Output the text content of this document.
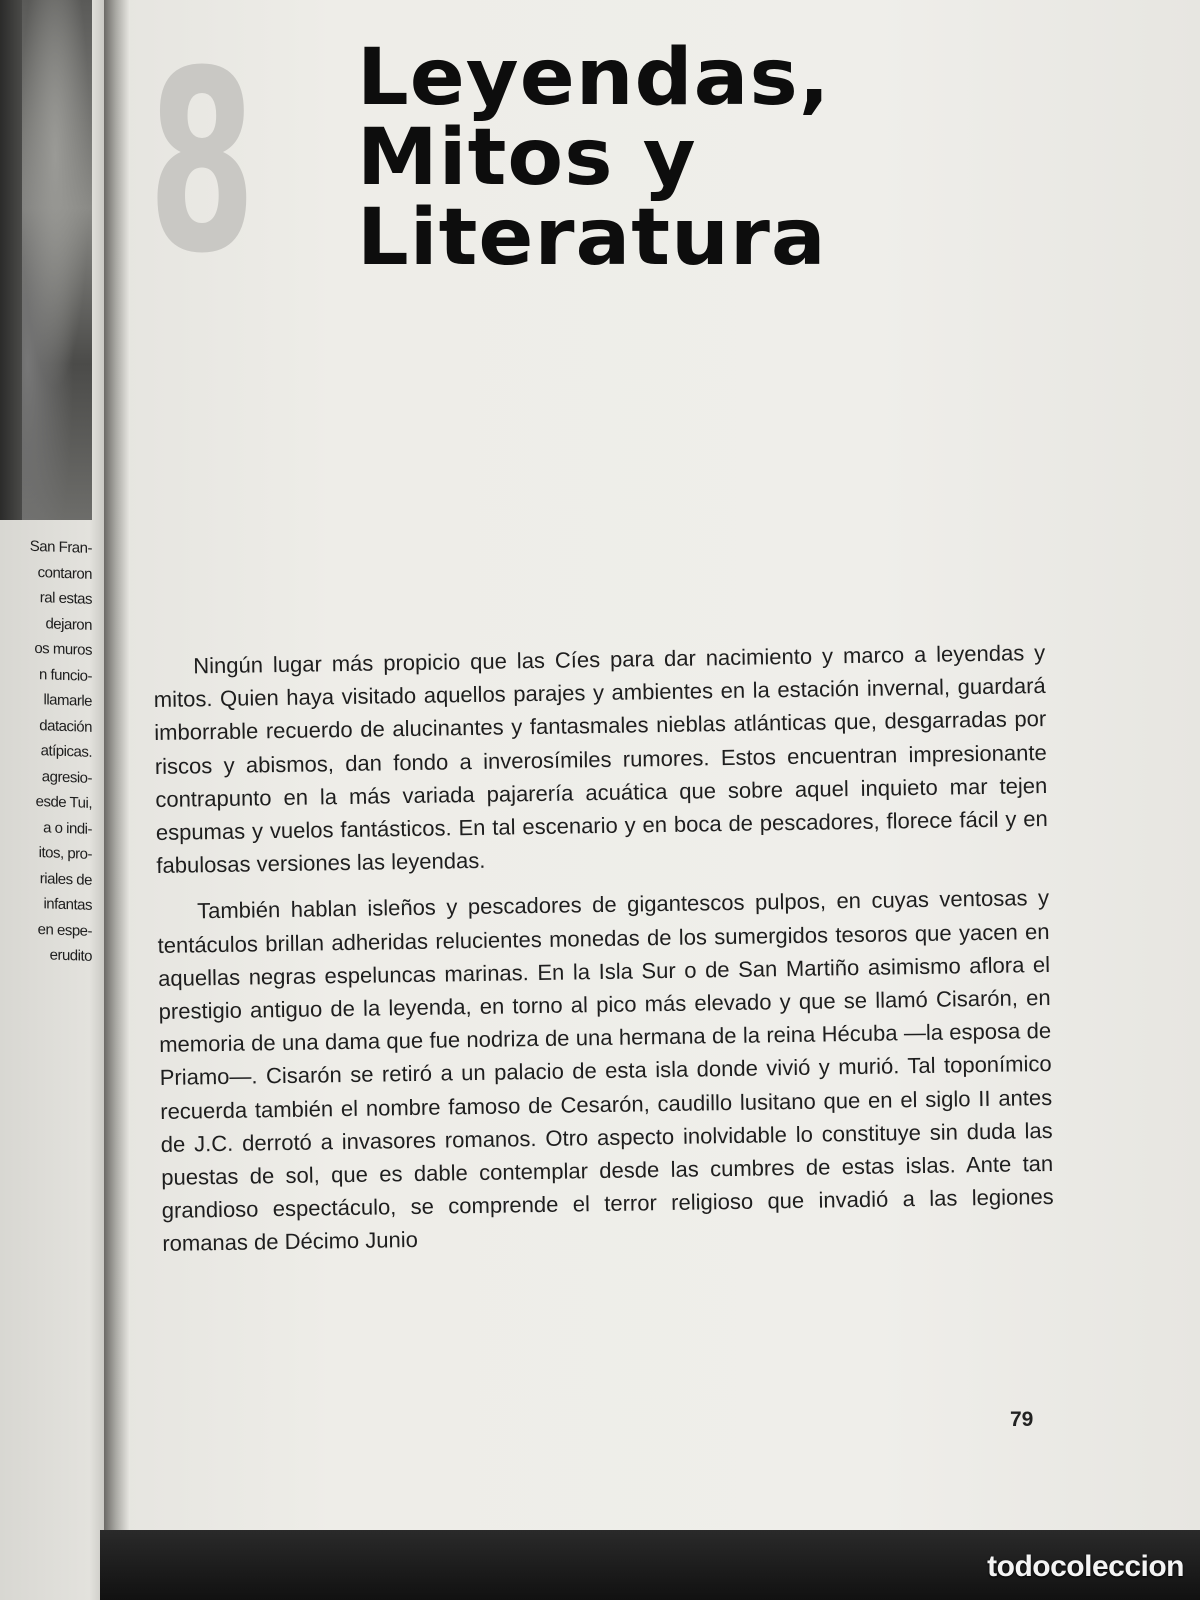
San Fran-
contaron
ral estas
dejaron
os muros
n funcio-
llamarle
datación
atípicas.
agresio-
esde Tui,
a o indi-
itos, pro-
riales de
infantas
en espe-
erudito
8 Leyendas,
Mitos y
Literatura

Ningún lugar más propicio que las Cíes para dar nacimiento y marco a leyendas y mitos. Quien haya visitado aquellos parajes y ambientes en la estación invernal, guardará imborrable recuerdo de alucinantes y fantasmales nieblas atlánticas que, desgarradas por riscos y abismos, dan fondo a inverosímiles rumores. Estos encuentran impresionante contrapunto en la más variada pajarería acuática que sobre aquel inquieto mar tejen espumas y vuelos fantásticos. En tal escenario y en boca de pescadores, florece fácil y en fabulosas versiones las leyendas.

También hablan isleños y pescadores de gigantescos pulpos, en cuyas ventosas y tentáculos brillan adheridas relucientes monedas de los sumergidos tesoros que yacen en aquellas negras espeluncas marinas. En la Isla Sur o de San Martiño asimismo aflora el prestigio antiguo de la leyenda, en torno al pico más elevado y que se llamó Cisarón, en memoria de una dama que fue nodriza de una hermana de la reina Hécuba —la esposa de Priamo—. Cisarón se retiró a un palacio de esta isla donde vivió y murió. Tal toponímico recuerda también el nombre famoso de Cesarón, caudillo lusitano que en el siglo II antes de J.C. derrotó a invasores romanos. Otro aspecto inolvidable lo constituye sin duda las puestas de sol, que es dable contemplar desde las cumbres de estas islas. Ante tan grandioso espectáculo, se comprende el terror religioso que invadió a las legiones romanas de Décimo Junio

79
todocoleccion
